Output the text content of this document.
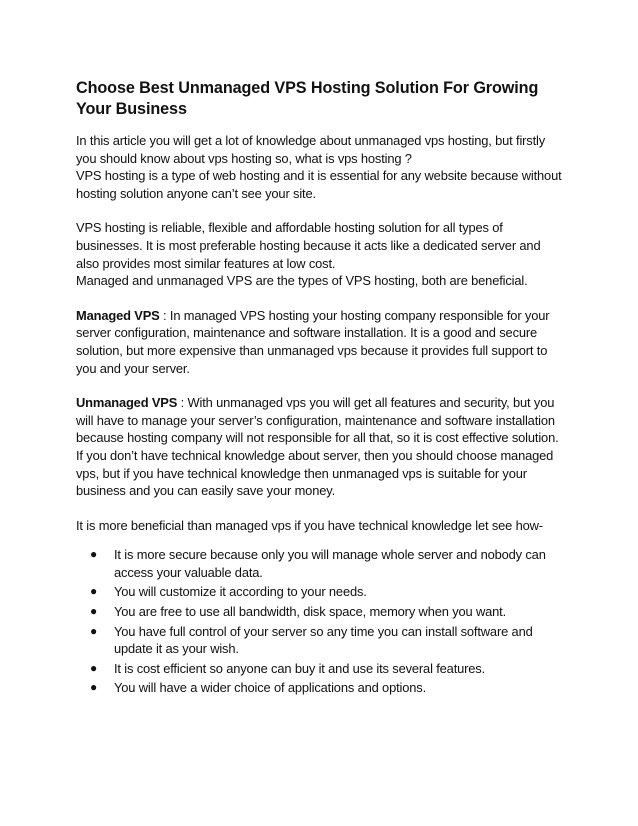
Choose Best Unmanaged VPS Hosting Solution For Growing Your Business

In this article you will get a lot of knowledge about unmanaged vps hosting, but firstly you should know about vps hosting so, what is vps hosting ?
VPS hosting is a type of web hosting and it is essential for any website because without hosting solution anyone can’t see your site.

VPS hosting is reliable, flexible and affordable hosting solution for all types of businesses. It is most preferable hosting because it acts like a dedicated server and also provides most similar features at low cost.
Managed and unmanaged VPS are the types of VPS hosting, both are beneficial.

Managed VPS : In managed VPS hosting your hosting company responsible for your server configuration, maintenance and software installation. It is a good and secure solution, but more expensive than unmanaged vps because it provides full support to you and your server.

Unmanaged VPS : With unmanaged vps you will get all features and security, but you will have to manage your server’s configuration, maintenance and software installation because hosting company will not responsible for all that, so it is cost effective solution. If you don’t have technical knowledge about server, then you should choose managed vps, but if you have technical knowledge then unmanaged vps is suitable for your business and you can easily save your money.

It is more beneficial than managed vps if you have technical knowledge let see how-

● It is more secure because only you will manage whole server and nobody can access your valuable data.
● You will customize it according to your needs.
● You are free to use all bandwidth, disk space, memory when you want.
● You have full control of your server so any time you can install software and update it as your wish.
● It is cost efficient so anyone can buy it and use its several features.
● You will have a wider choice of applications and options.
